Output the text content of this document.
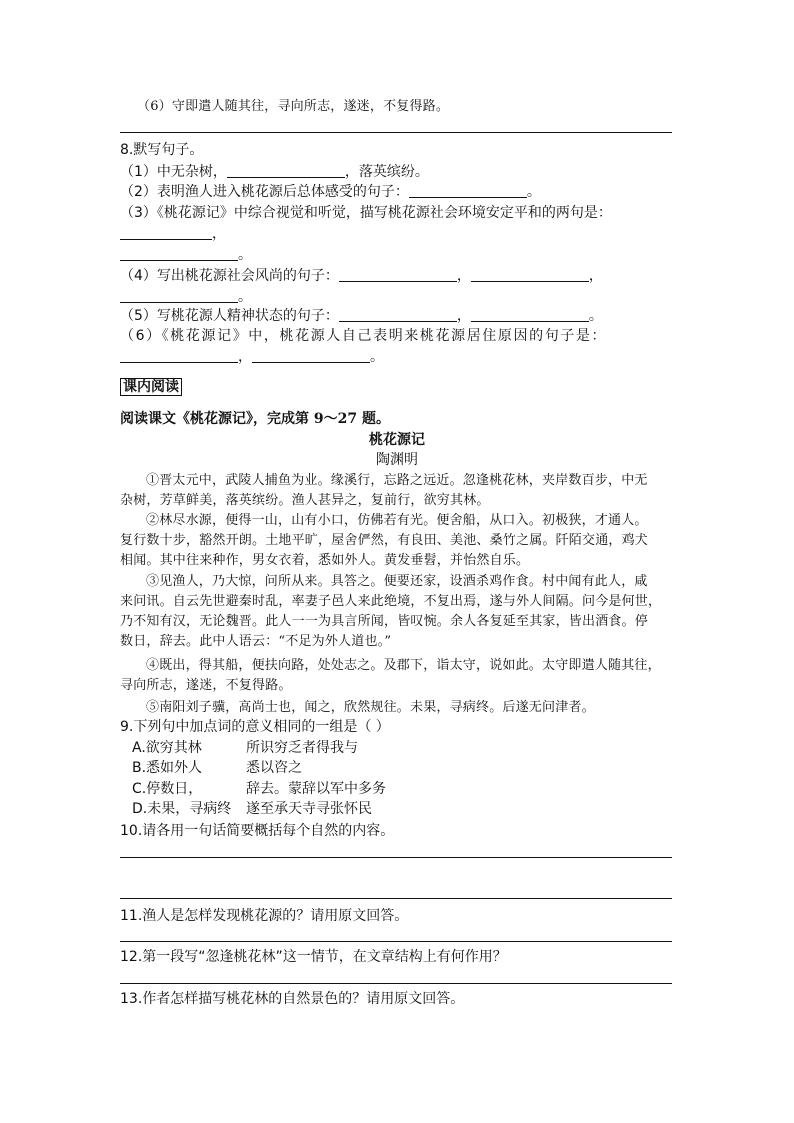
（6）守即遣人随其往，寻向所志，遂迷，不复得路。
8.默写句子。
（1）中无杂树，	，落英缤纷。
（2）表明渔人进入桃花源后总体感受的句子：	。
（3）《桃花源记》中综合视觉和听觉，描写桃花源社会环境安定平和的两句是：
，
。
（4）写出桃花源社会风尚的句子：	，	，
。
（5）写桃花源人精神状态的句子：	，	。
（6）《桃花源记》中，桃花源人自己表明来桃花源居住原因的句子是：
，	。
课内阅读
阅读课文《桃花源记》，完成第 9～27 题。
桃花源记
陶渊明
①晋太元中，武陵人捕鱼为业。缘溪行，忘路之远近。忽逢桃花林，夹岸数百步，中无
杂树，芳草鲜美，落英缤纷。渔人甚异之，复前行，欲穷其林。
②林尽水源，便得一山，山有小口，仿佛若有光。便舍船，从口入。初极狭，才通人。
复行数十步，豁然开朗。土地平旷，屋舍俨然，有良田、美池、桑竹之属。阡陌交通，鸡犬
相闻。其中往来种作，男女衣着，悉如外人。黄发垂髫，并怡然自乐。
③见渔人，乃大惊，问所从来。具答之。便要还家，设酒杀鸡作食。村中闻有此人，咸
来问讯。自云先世避秦时乱，率妻子邑人来此绝境，不复出焉，遂与外人间隔。问今是何世，
乃不知有汉，无论魏晋。此人一一为具言所闻，皆叹惋。余人各复延至其家，皆出酒食。停
数日，辞去。此中人语云：“不足为外人道也。”
④既出，得其船，便扶向路，处处志之。及郡下，诣太守，说如此。太守即遣人随其往，
寻向所志，遂迷，不复得路。
⑤南阳刘子骥，高尚士也，闻之，欣然规往。未果，寻病终。后遂无问津者。
9.下列句中加点词的意义相同的一组是（ ）
A.欲穷其林	所识穷乏者得我与
B.悉如外人	悉以咨之
C.停数日，	辞去。蒙辞以军中多务
D.未果，寻病终 遂至承天寺寻张怀民
10.请各用一句话简要概括每个自然的内容。
11.渔人是怎样发现桃花源的？请用原文回答。
12.第一段写“忽逢桃花林”这一情节，在文章结构上有何作用？
13.作者怎样描写桃花林的自然景色的？请用原文回答。
